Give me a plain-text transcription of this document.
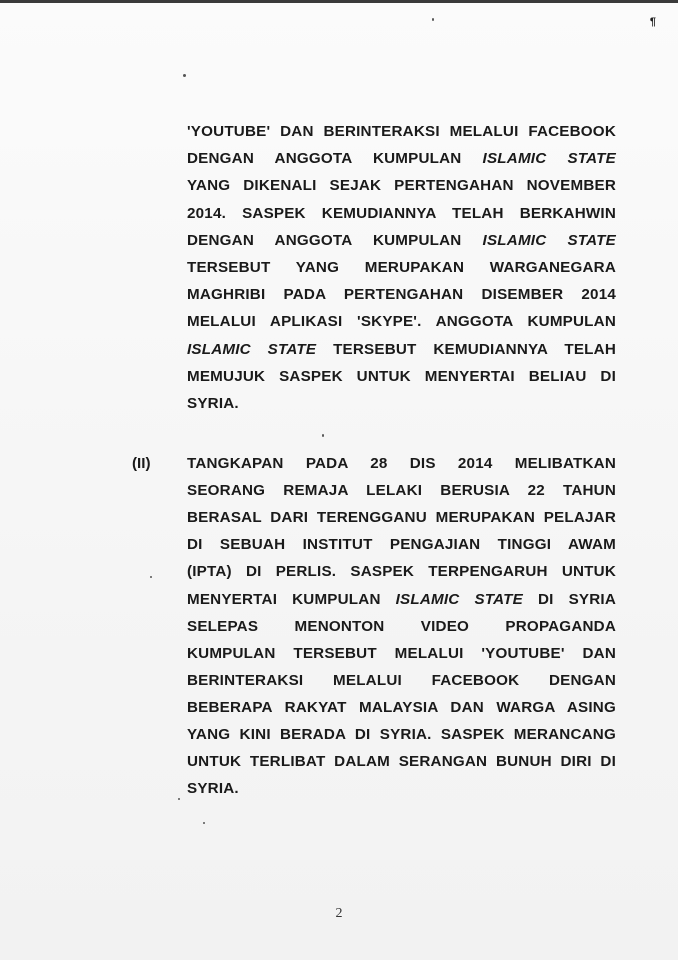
¶
'YOUTUBE' DAN BERINTERAKSI MELALUI FACEBOOK
DENGAN ANGGOTA KUMPULAN ISLAMIC STATE
YANG DIKENALI SEJAK PERTENGAHAN NOVEMBER
2014. SASPEK KEMUDIANNYA TELAH BERKAHWIN
DENGAN ANGGOTA KUMPULAN ISLAMIC STATE
TERSEBUT YANG MERUPAKAN WARGANEGARA
MAGHRIBI PADA PERTENGAHAN DISEMBER 2014
MELALUI APLIKASI 'SKYPE'. ANGGOTA KUMPULAN
ISLAMIC STATE TERSEBUT KEMUDIANNYA TELAH
MEMUJUK SASPEK UNTUK MENYERTAI BELIAU DI
SYRIA.
(II) TANGKAPAN PADA 28 DIS 2014 MELIBATKAN
SEORANG REMAJA LELAKI BERUSIA 22 TAHUN
BERASAL DARI TERENGGANU MERUPAKAN PELAJAR
DI SEBUAH INSTITUT PENGAJIAN TINGGI AWAM
(IPTA) DI PERLIS. SASPEK TERPENGARUH UNTUK
MENYERTAI KUMPULAN ISLAMIC STATE DI SYRIA
SELEPAS MENONTON VIDEO PROPAGANDA
KUMPULAN TERSEBUT MELALUI 'YOUTUBE' DAN
BERINTERAKSI MELALUI FACEBOOK DENGAN
BEBERAPA RAKYAT MALAYSIA DAN WARGA ASING
YANG KINI BERADA DI SYRIA. SASPEK MERANCANG
UNTUK TERLIBAT DALAM SERANGAN BUNUH DIRI DI
SYRIA.
2
